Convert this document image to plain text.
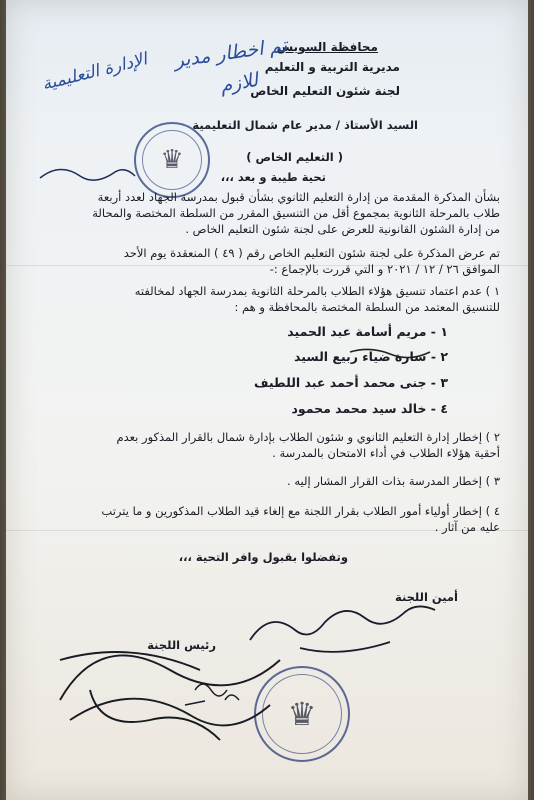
محافظة السويس
مديرية التربية و التعليم
لجنة شئون التعليم الخاص
السيد الأستاذ / مدير عام شمال التعليمية
تم اخطار مدير
للازم
الإدارة التعليمية
♛	( التعليم الخاص )
تحية طيبة و بعد ،،،
بشأن المذكرة المقدمة من إدارة التعليم الثانوي بشأن قبول بمدرسة الجهاد لعدد أربعة
طلاب بالمرحلة الثانوية بمجموع أقل من التنسيق المقرر من السلطة المختصة والمحالة
من إدارة الشئون القانونية للعرض على لجنة شئون التعليم الخاص .
تم عرض المذكرة على لجنة شئون التعليم الخاص رقم ( ٤٩ ) المنعقدة يوم الأحد
الموافق ٢٦ / ١٢ / ٢٠٢١ و التي قررت بالإجماع :-
١ ) عدم اعتماد تنسيق هؤلاء الطلاب بالمرحلة الثانوية بمدرسة الجهاد لمخالفته
للتنسيق المعتمد من السلطة المختصة بالمحافظة و هم :
١ - مريم أسامة عبد الحميد
٢ - سارة ضياء ربيع السيد
٣ - جنى محمد أحمد عبد اللطيف
٤ - خالد سيد محمد محمود
٢ ) إخطار إدارة التعليم الثانوي و شئون الطلاب بإدارة شمال بالقرار المذكور بعدم
أحقية هؤلاء الطلاب في أداء الامتحان بالمدرسة .
٣ ) إخطار المدرسة بذات القرار المشار إليه .
٤ ) إخطار أولياء أمور الطلاب بقرار اللجنة مع إلغاء قيد الطلاب المذكورين و ما يترتب
عليه من آثار .
وتفضلوا بقبول وافر التحية ،،،
أمين اللجنة
رئيس اللجنة
♛
